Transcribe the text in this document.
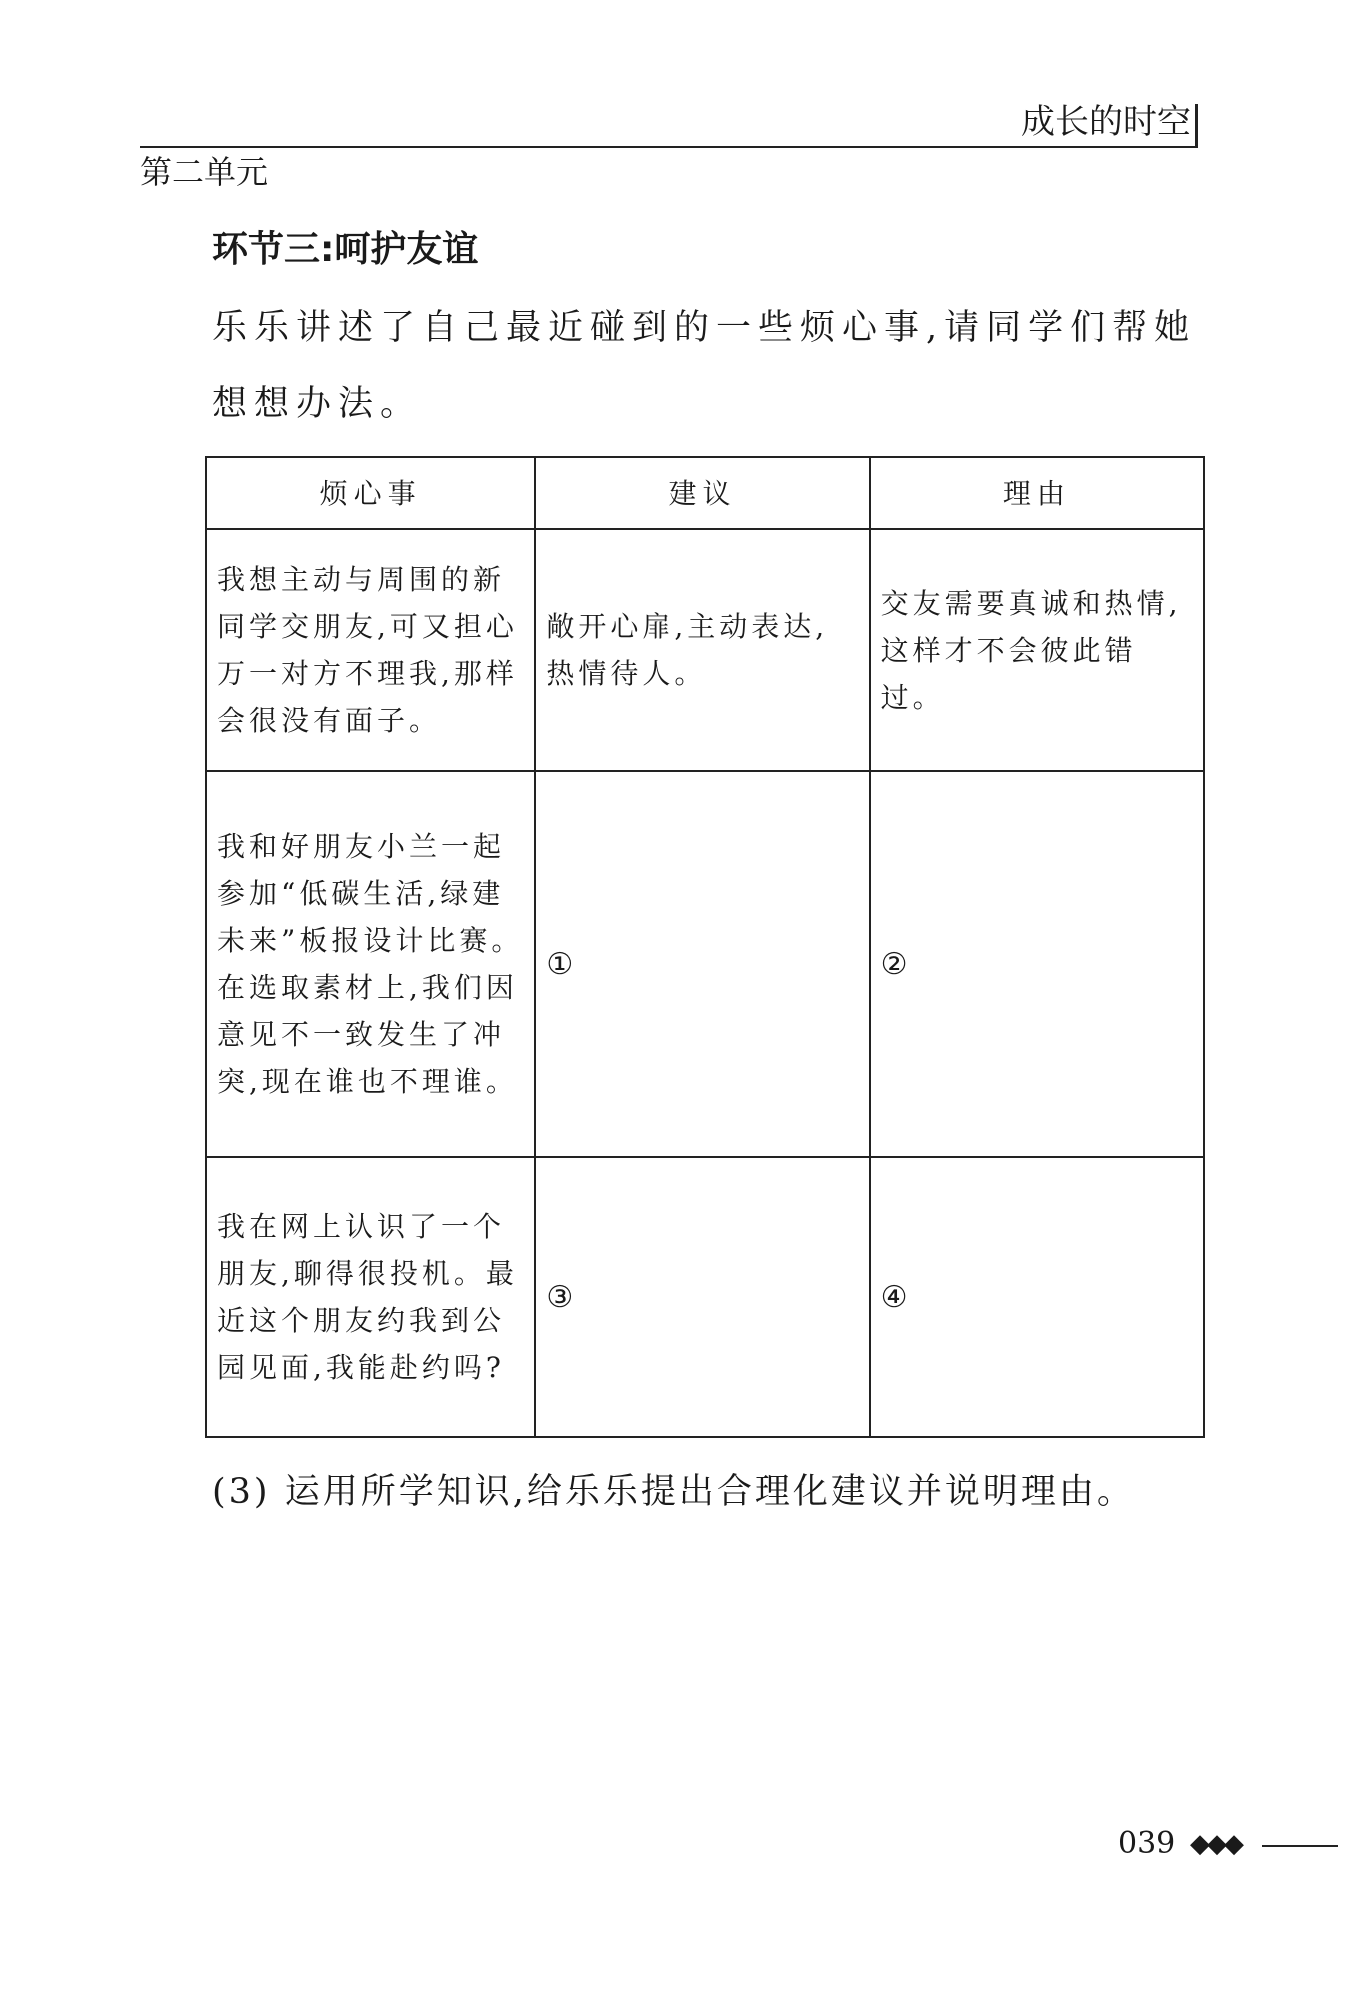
成长的时空
第二单元
环节三:呵护友谊
乐乐讲述了自己最近碰到的一些烦心事,请同学们帮她想想办法。
烦心事	建议	理由
我想主动与周围的新同学交朋友,可又担心万一对方不理我,那样会很没有面子。	敞开心扉,主动表达,热情待人。	交友需要真诚和热情,这样才不会彼此错过。
我和好朋友小兰一起参加“低碳生活,绿建未来”板报设计比赛。在选取素材上,我们因意见不一致发生了冲突,现在谁也不理谁。	①	②
我在网上认识了一个朋友,聊得很投机。最近这个朋友约我到公园见面,我能赴约吗?	③	④
(3) 运用所学知识,给乐乐提出合理化建议并说明理由。
039 ◆◆◆
